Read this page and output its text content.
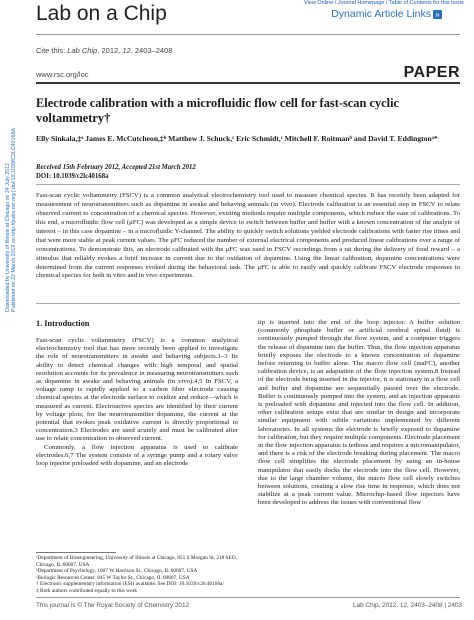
Lab on a Chip	View Online / Journal Homepage / Table of Contents for this issue
Dynamic Article Links »
Cite this: Lab Chip, 2012, 12, 2403–2408
www.rsc.org/loc	PAPER
Downloaded by University of Illinois at Chicago on 24 July 2012 Published on 22 March 2012 on http://pubs.rsc.org | doi:10.1039/C2LC40168A
Electrode calibration with a microfluidic flow cell for fast-scan cyclic voltammetry†
Elly Sinkala,‡ᵃ James E. McCutcheon,‡ᵇ Matthew J. Schuck,ᶜ Eric Schmidt,ᶜ Mitchell F. Roitmanᵇ and David T. Eddingtonᵃ*
Received 15th February 2012, Accepted 21st March 2012
DOI: 10.1039/c2lc40168a
Fast-scan cyclic voltammetry (FSCV) is a common analytical electrochemistry tool used to measure chemical species. It has recently been adapted for measurement of neurotransmitters such as dopamine in awake and behaving animals (in vivo). Electrode calibration is an essential step in FSCV to relate observed current to concentration of a chemical species. However, existing methods require multiple components, which reduce the ease of calibrations. To this end, a microfluidic flow cell (μFC) was developed as a simple device to switch between buffer and buffer with a known concentration of the analyte of interest – in this case dopamine – in a microfluidic Y-channel. The ability to quickly switch solutions yielded electrode calibrations with faster rise times and that were more stable at peak current values. The μFC reduced the number of external electrical components and produced linear calibrations over a range of concentrations. To demonstrate this, an electrode calibrated with the μFC was used in FSCV recordings from a rat during the delivery of food reward – a stimulus that reliably evokes a brief increase in current due to the oxidation of dopamine. Using the linear calibration, dopamine concentrations were determined from the current responses evoked during the behavioral task. The μFC is able to easily and quickly calibrate FSCV electrode responses to chemical species for both in vitro and in vivo experiments.
1. Introduction

Fast-scan cyclic voltammetry (FSCV) is a common analytical electrochemistry tool that has more recently been applied to investigate the role of neurotransmitters in awake and behaving subjects.1–3 Its ability to detect chemical changes with high temporal and spatial resolution accounts for its prevalence in measuring neurotransmitters such as dopamine in awake and behaving animals (in vivo).4,5 In FSCV, a voltage ramp is rapidly applied to a carbon fiber electrode causing chemical species at the electrode surface to oxidize and reduce—which is measured as current. Electroactive species are identified by their current by voltage plots; for the neurotransmitter dopamine, the current at the potential that evokes peak oxidative current is directly proportional to concentration.3 Electrodes are used acutely and must be calibrated after use to relate concentration to observed current.

Commonly, a flow injection apparatus is used to calibrate electrodes.6,7 The system consists of a syringe pump and a rotary valve loop injector preloaded with dopamine, and an electrode

tip is inserted into the end of the loop injector. A buffer solution (commonly phosphate buffer or artificial cerebral spinal fluid) is continuously pumped through the flow system, and a computer triggers the release of dopamine into the buffer. Thus, the flow injection apparatus briefly exposes the electrode to a known concentration of dopamine before returning to buffer alone. The macro flow cell (maFC), another calibration device, is an adaptation of the flow injection system.8 Instead of the electrode being inserted in the injector, it is stationary in a flow cell and buffer and dopamine are sequentially passed over the electrode. Buffer is continuously pumped into the system, and an injection apparatus is preloaded with dopamine and injected into the flow cell. In addition, other calibration setups exist that are similar in design and incorporate similar equipment with subtle variations implemented by different laboratories. In all systems the electrode is briefly exposed to dopamine for calibration, but they require multiple components. Electrode placement in the flow injection apparatus is tedious and requires a micromanipulator, and there is a risk of the electrode breaking during placement. The macro flow cell simplifies the electrode placement by using an in-house manipulator that easily docks the electrode into the flow cell. However, due to the large chamber volume, the macro flow cell slowly switches between solutions, creating a slow rise time in response, which does not stabilize at a peak current value. Microchip-based flow injectors have been developed to address the issues with conventional flow

ᵃDepartment of Bioengineering, University of Illinois at Chicago, 851 S Morgan St, 218 SEO, Chicago, IL 60607, USA
ᵇDepartment of Psychology, 1007 W Harrison St., Chicago, IL 60607, USA
ᶜBiologic Resources Center, 845 W Taylor St., Chicago, IL 60607, USA
† Electronic supplementary information (ESI) available. See DOI: 10.1039/c2lc40168a/
‡ Both authors contributed equally to this work
This journal is © The Royal Society of Chemistry 2012	Lab Chip, 2012, 12, 2403–2408 | 2403
